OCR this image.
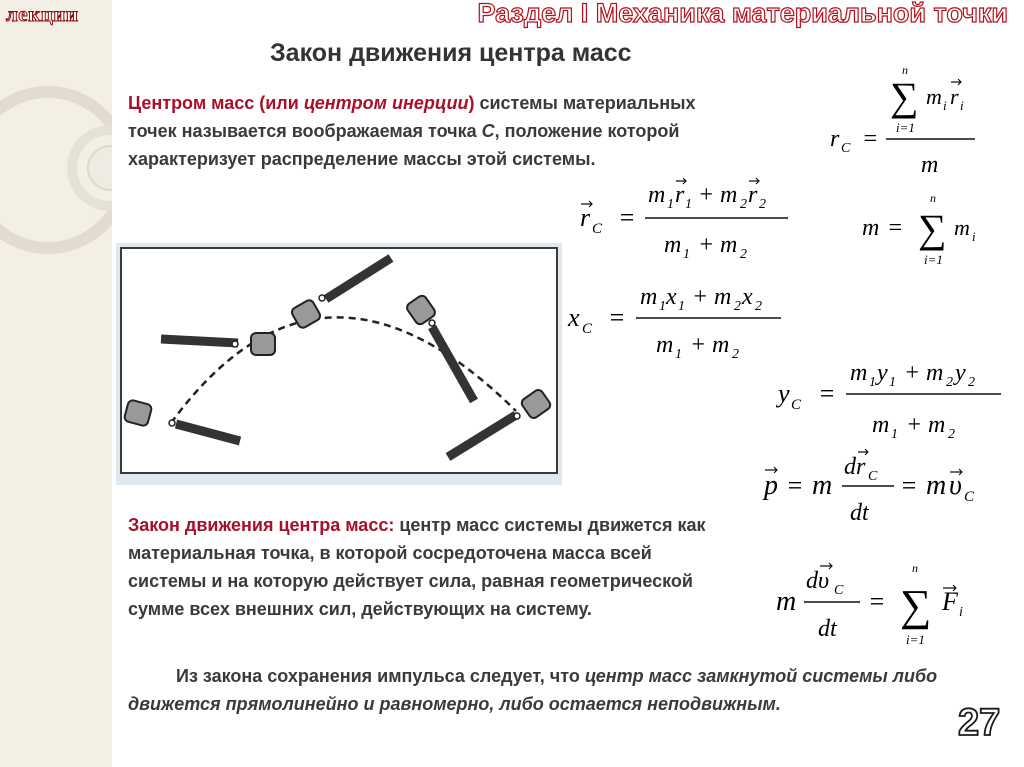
лекции	Раздел I Механика материальной точки
Закон движения центра масс
Центром масс (или центром инерции) системы материальных точек называется воображаемая точка С, положение которой характеризует распределение массы этой системы.
Закон движения центра масс: центр масс системы движется как материальная точка, в которой сосредоточена масса всей системы и на которую действует сила, равная геометрической сумме всех внешних сил, действующих на систему.
Из закона сохранения импульса следует, что центр масс замкнутой системы либо движется прямолинейно и равномерно, либо остается неподвижным.
r C =
n
∑ m i r i
i=1
m
m =
n
∑ m i
i=1
r C =
m 1 r 1 + m 2 r 2
m 1 + m 2
x C =
m 1 x 1 + m 2 x 2
m 1 + m 2
y C =
m 1 y 1 + m 2 y 2
m 1 + m 2
p = m
dr C
dt
= m υ C
m
dυ C
dt
=
n
∑ F i
i=1
27
